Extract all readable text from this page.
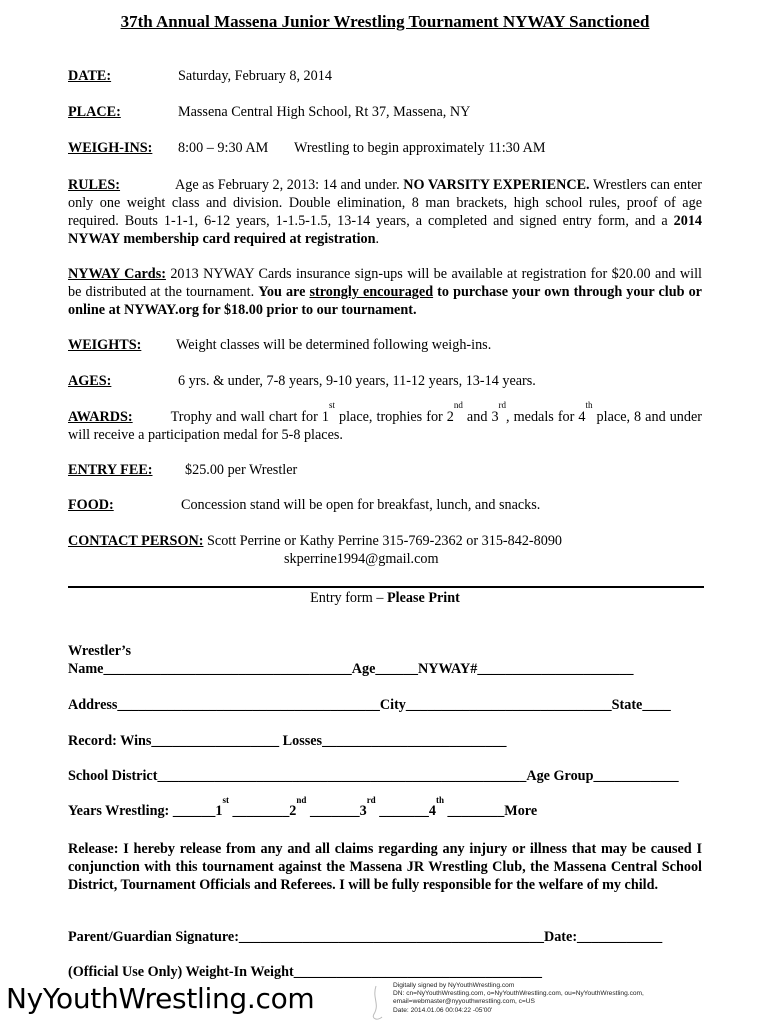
37th Annual Massena Junior Wrestling Tournament NYWAY Sanctioned
DATE:	Saturday, February 8, 2014
PLACE:	Massena Central High School, Rt 37, Massena, NY
WEIGH-INS: 8:00 – 9:30 AM Wrestling to begin approximately 11:30 AM
RULES:	Age as February 2, 2013: 14 and under. NO VARSITY EXPERIENCE. Wrestlers can enter only one weight class and division. Double elimination, 8 man brackets, high school rules, proof of age required. Bouts 1-1-1, 6-12 years, 1-1.5-1.5, 13-14 years, a completed and signed entry form, and a 2014 NYWAY membership card required at registration.
NYWAY Cards: 2013 NYWAY Cards insurance sign-ups will be available at registration for $20.00 and will be distributed at the tournament. You are strongly encouraged to purchase your own through your club or online at NYWAY.org for $18.00 prior to our tournament.
WEIGHTS: Weight classes will be determined following weigh-ins.
AGES:	6 yrs. & under, 7-8 years, 9-10 years, 11-12 years, 13-14 years.
AWARDS:	Trophy and wall chart for 1st place, trophies for 2nd and 3rd, medals for 4th place, 8 and under will receive a participation medal for 5-8 places.
ENTRY FEE: $25.00 per Wrestler
FOOD:	Concession stand will be open for breakfast, lunch, and snacks.
CONTACT PERSON: Scott Perrine or Kathy Perrine 315-769-2362 or 315-842-8090
skperrine1994@gmail.com
Entry form – Please Print
Wrestler’s
Name___________________________________Age______NYWAY#______________________
Address_____________________________________City_____________________________State____
Record: Wins__________________ Losses__________________________
School District____________________________________________________Age Group____________
Years Wrestling: ______1st ________2nd _______3rd _______4th ________More
Release: I hereby release from any and all claims regarding any injury or illness that may be caused I conjunction with this tournament against the Massena JR Wrestling Club, the Massena Central School District, Tournament Officials and Referees. I will be fully responsible for the welfare of my child.
Parent/Guardian Signature:___________________________________________Date:____________
(Official Use Only) Weight-In Weight___________________________________
NyYouthWrestling.com	Digitally signed by NyYouthWrestling.com
DN: cn=NyYouthWrestling.com, o=NyYouthWrestling.com, ou=NyYouthWrestling.com,
email=webmaster@nyyouthwrestling.com, c=US
Date: 2014.01.06 00:04:22 -05'00'
